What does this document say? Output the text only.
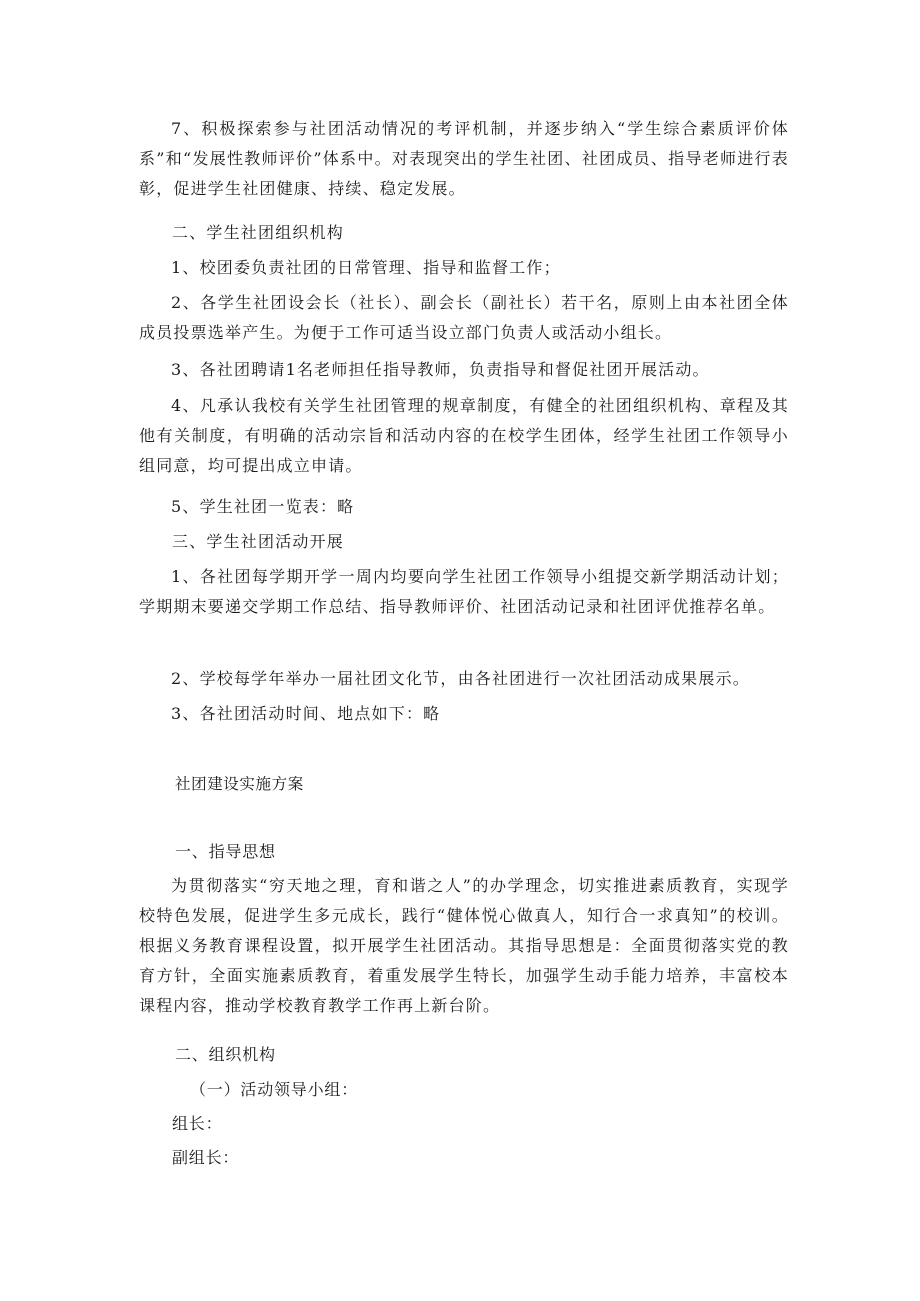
7、积极探索参与社团活动情况的考评机制，并逐步纳入“学生综合素质评价体系”和“发展性教师评价”体系中。对表现突出的学生社团、社团成员、指导老师进行表彰，促进学生社团健康、持续、稳定发展。

二、学生社团组织机构

1、校团委负责社团的日常管理、指导和监督工作；

2、各学生社团设会长（社长）、副会长（副社长）若干名，原则上由本社团全体成员投票选举产生。为便于工作可适当设立部门负责人或活动小组长。

3、各社团聘请1名老师担任指导教师，负责指导和督促社团开展活动。

4、凡承认我校有关学生社团管理的规章制度，有健全的社团组织机构、章程及其他有关制度，有明确的活动宗旨和活动内容的在校学生团体，经学生社团工作领导小组同意，均可提出成立申请。

5、学生社团一览表：略

三、学生社团活动开展

1、各社团每学期开学一周内均要向学生社团工作领导小组提交新学期活动计划；学期期末要递交学期工作总结、指导教师评价、社团活动记录和社团评优推荐名单。

2、学校每学年举办一届社团文化节，由各社团进行一次社团活动成果展示。

3、各社团活动时间、地点如下：略

社团建设实施方案
一、指导思想

为贯彻落实“穷天地之理，育和谐之人”的办学理念，切实推进素质教育，实现学校特色发展，促进学生多元成长，践行“健体悦心做真人，知行合一求真知”的校训。根据义务教育课程设置，拟开展学生社团活动。其指导思想是：全面贯彻落实党的教育方针，全面实施素质教育，着重发展学生特长，加强学生动手能力培养，丰富校本课程内容，推动学校教育教学工作再上新台阶。

二、组织机构
（一）活动领导小组：
组长：
副组长：
